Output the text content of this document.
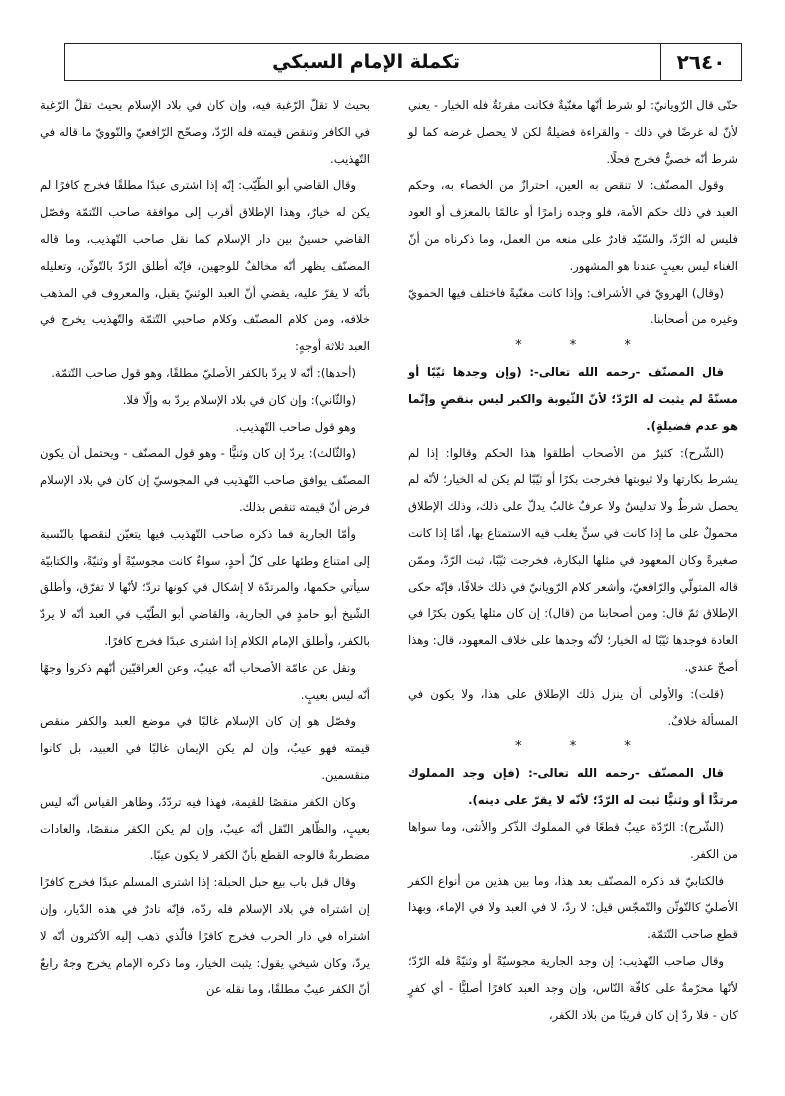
٢٦٤٠
تكملة الإمام السبكي

حتّى قال الرّويانيّ: لو شرط أنّها مغنّيةٌ فكانت مقرئةٌ فله الخيار - يعني لأنّ له غرضًا في ذلك - والقراءة فضيلةٌ لكن لا يحصل غرضه كما لو شرط أنّه خصيٌّ فخرج فحلًا.

وقول المصنّف: لا تنقص به العين، احترازٌ من الخصاء به، وحكم العبد في ذلك حكم الأمة، فلو وجده زامرًا أو عالمًا بالمعزف أو العود فليس له الرّدّ، والسّيّد قادرٌ على منعه من العمل، وما ذكرناه من أنّ الغناء ليس بعيبٍ عندنا هو المشهور.

(وقال) الهرويّ في الأشراف: وإذا كانت مغنّيةً فاختلف فيها الحمويّ وغيره من أصحابنا.

* * *

قال المصنّف -رحمه الله تعالى-: (وإن وجدها ثيّبًا أو مسنّةً لم يثبت له الرّدّ؛ لأنّ الثّيوبة والكبر ليس بنقصٍ وإنّما هو عدم فضيلةٍ).

(الشّرح): كثيرٌ من الأصحاب أطلقوا هذا الحكم وقالوا: إذا لم يشرط بكارتها ولا ثيوبتها فخرجت بكرًا أو ثيّبًا لم يكن له الخيار؛ لأنّه لم يحصل شرطٌ ولا تدليسٌ ولا عرفٌ غالبٌ يدلّ على ذلك، وذلك الإطلاق محمولٌ على ما إذا كانت في سنٍّ يغلب فيه الاستمتاع بها، أمّا إذا كانت صغيرةً وكان المعهود في مثلها البكارة، فخرجت ثيّبًا، ثبت الرّدّ، وممّن قاله المتولّي والرّافعيّ، وأشعر كلام الرّويانيّ في ذلك خلافًا، فإنّه حكى الإطلاق ثمّ قال: ومن أصحابنا من (قال): إن كان مثلها يكون بكرًا في العادة فوجدها ثيّبًا له الخيار؛ لأنّه وجدها على خلاف المعهود، قال: وهذا أصحّ عندي.

(قلت): والأولى أن ينزل ذلك الإطلاق على هذا، ولا يكون في المسألة خلافٌ.

* * *

قال المصنّف -رحمه الله تعالى-: (فإن وجد المملوك مرتدًّا أو وثنيًّا ثبت له الرّدّ؛ لأنّه لا يقرّ على دينه).

(الشّرح): الرّدّة عيبٌ قطعًا في المملوك الذّكر والأنثى، وما سواها من الكفر.

فالكتابيّ قد ذكره المصنّف بعد هذا، وما بين هذين من أنواع الكفر الأصليّ كالتّوثّن والتّمجّس قيل: لا ردّ، لا في العبد ولا في الإماء، وبهذا قطع صاحب التّتمّة.

وقال صاحب التّهذيب: إن وجد الجارية مجوسيّةً أو وثنيّةً فله الرّدّ؛ لأنّها محرّمةٌ على كافّة النّاس، وإن وجد العبد كافرًا أصليًّا - أي كفرٍ كان - فلا ردّ إن كان قريبًا من بلاد الكفر،

بحيث لا تقلّ الرّغبة فيه، وإن كان في بلاد الإسلام بحيث تقلّ الرّغبة في الكافر وتنقص قيمته فله الرّدّ، وصحّح الرّافعيّ والنّوويّ ما قاله في التّهذيب.

وقال القاضي أبو الطّيّب: إنّه إذا اشترى عبدًا مطلقًا فخرج كافرًا لم يكن له خيارٌ، وهذا الإطلاق أقرب إلى موافقة صاحب التّتمّة وفصّل القاضي حسينٌ بين دار الإسلام كما نقل صاحب التّهذيب، وما قاله المصنّف يظهر أنّه مخالفٌ للوجهين، فإنّه أطلق الرّدّ بالتّوثّن، وتعليله بأنّه لا يقرّ عليه، يقضي أنّ العبد الوثنيّ يقبل، والمعروف في المذهب خلافه، ومن كلام المصنّف وكلام صاحبي التّتمّة والتّهذيب يخرج في العبد ثلاثة أوجهٍ:

(أحدها): أنّه لا يردّ بالكفر الأصليّ مطلقًا، وهو قول صاحب التّتمّة.

(والثّاني): وإن كان في بلاد الإسلام يردّ به وإلّا فلا.

وهو قول صاحب التّهذيب.

(والثّالث): يردّ إن كان وثنيًّا - وهو قول المصنّف - ويحتمل أن يكون المصنّف يوافق صاحب التّهذيب في المجوسيّ إن كان في بلاد الإسلام فرض أنّ قيمته تنقص بذلك.

وأمّا الجارية فما ذكره صاحب التّهذيب فيها يتعيّن لنقصها بالنّسبة إلى امتناع وطئها على كلّ أحدٍ، سواءٌ كانت مجوسيّةً أو وثنيّةً، والكتابيّة سيأتي حكمها، والمرتدّة لا إشكال في كونها تردّ؛ لأنّها لا تفرّق، وأطلق الشّيخ أبو حامدٍ في الجارية، والقاضي أبو الطّيّب في العبد أنّه لا يردّ بالكفر، وأطلق الإمام الكلام إذا اشترى عبدًا فخرج كافرًا.

ونقل عن عامّة الأصحاب أنّه عيبٌ، وعن العراقيّين أنّهم ذكروا وجهًا أنّه ليس بعيبٍ.

وفصّل هو إن كان الإسلام غالبًا في موضع العبد والكفر منقص قيمته فهو عيبٌ، وإن لم يكن الإيمان غالبًا في العبيد، بل كانوا منقسمين.

وكان الكفر منقصًا للقيمة، فهذا فيه تردّدٌ، وظاهر القياس أنّه ليس بعيبٍ، والظّاهر النّقل أنّه عيبٌ، وإن لم يكن الكفر منقصًا، والعادات مضطربةٌ فالوجه القطع بأنّ الكفر لا يكون عيبًا.

وقال قبل باب بيع حبل الحبلة: إذا اشترى المسلم عبدًا فخرج كافرًا إن اشتراه في بلاد الإسلام فله ردّه، فإنّه نادرٌ في هذه الدّيار، وإن اشتراه في دار الحرب فخرج كافرًا فالّذي ذهب إليه الأكثرون أنّه لا يردّ، وكان شيخي يقول: يثبت الخيار، وما ذكره الإمام يخرج وجهٌ رابعٌ أنّ الكفر عيبٌ مطلقًا، وما نقله عن
